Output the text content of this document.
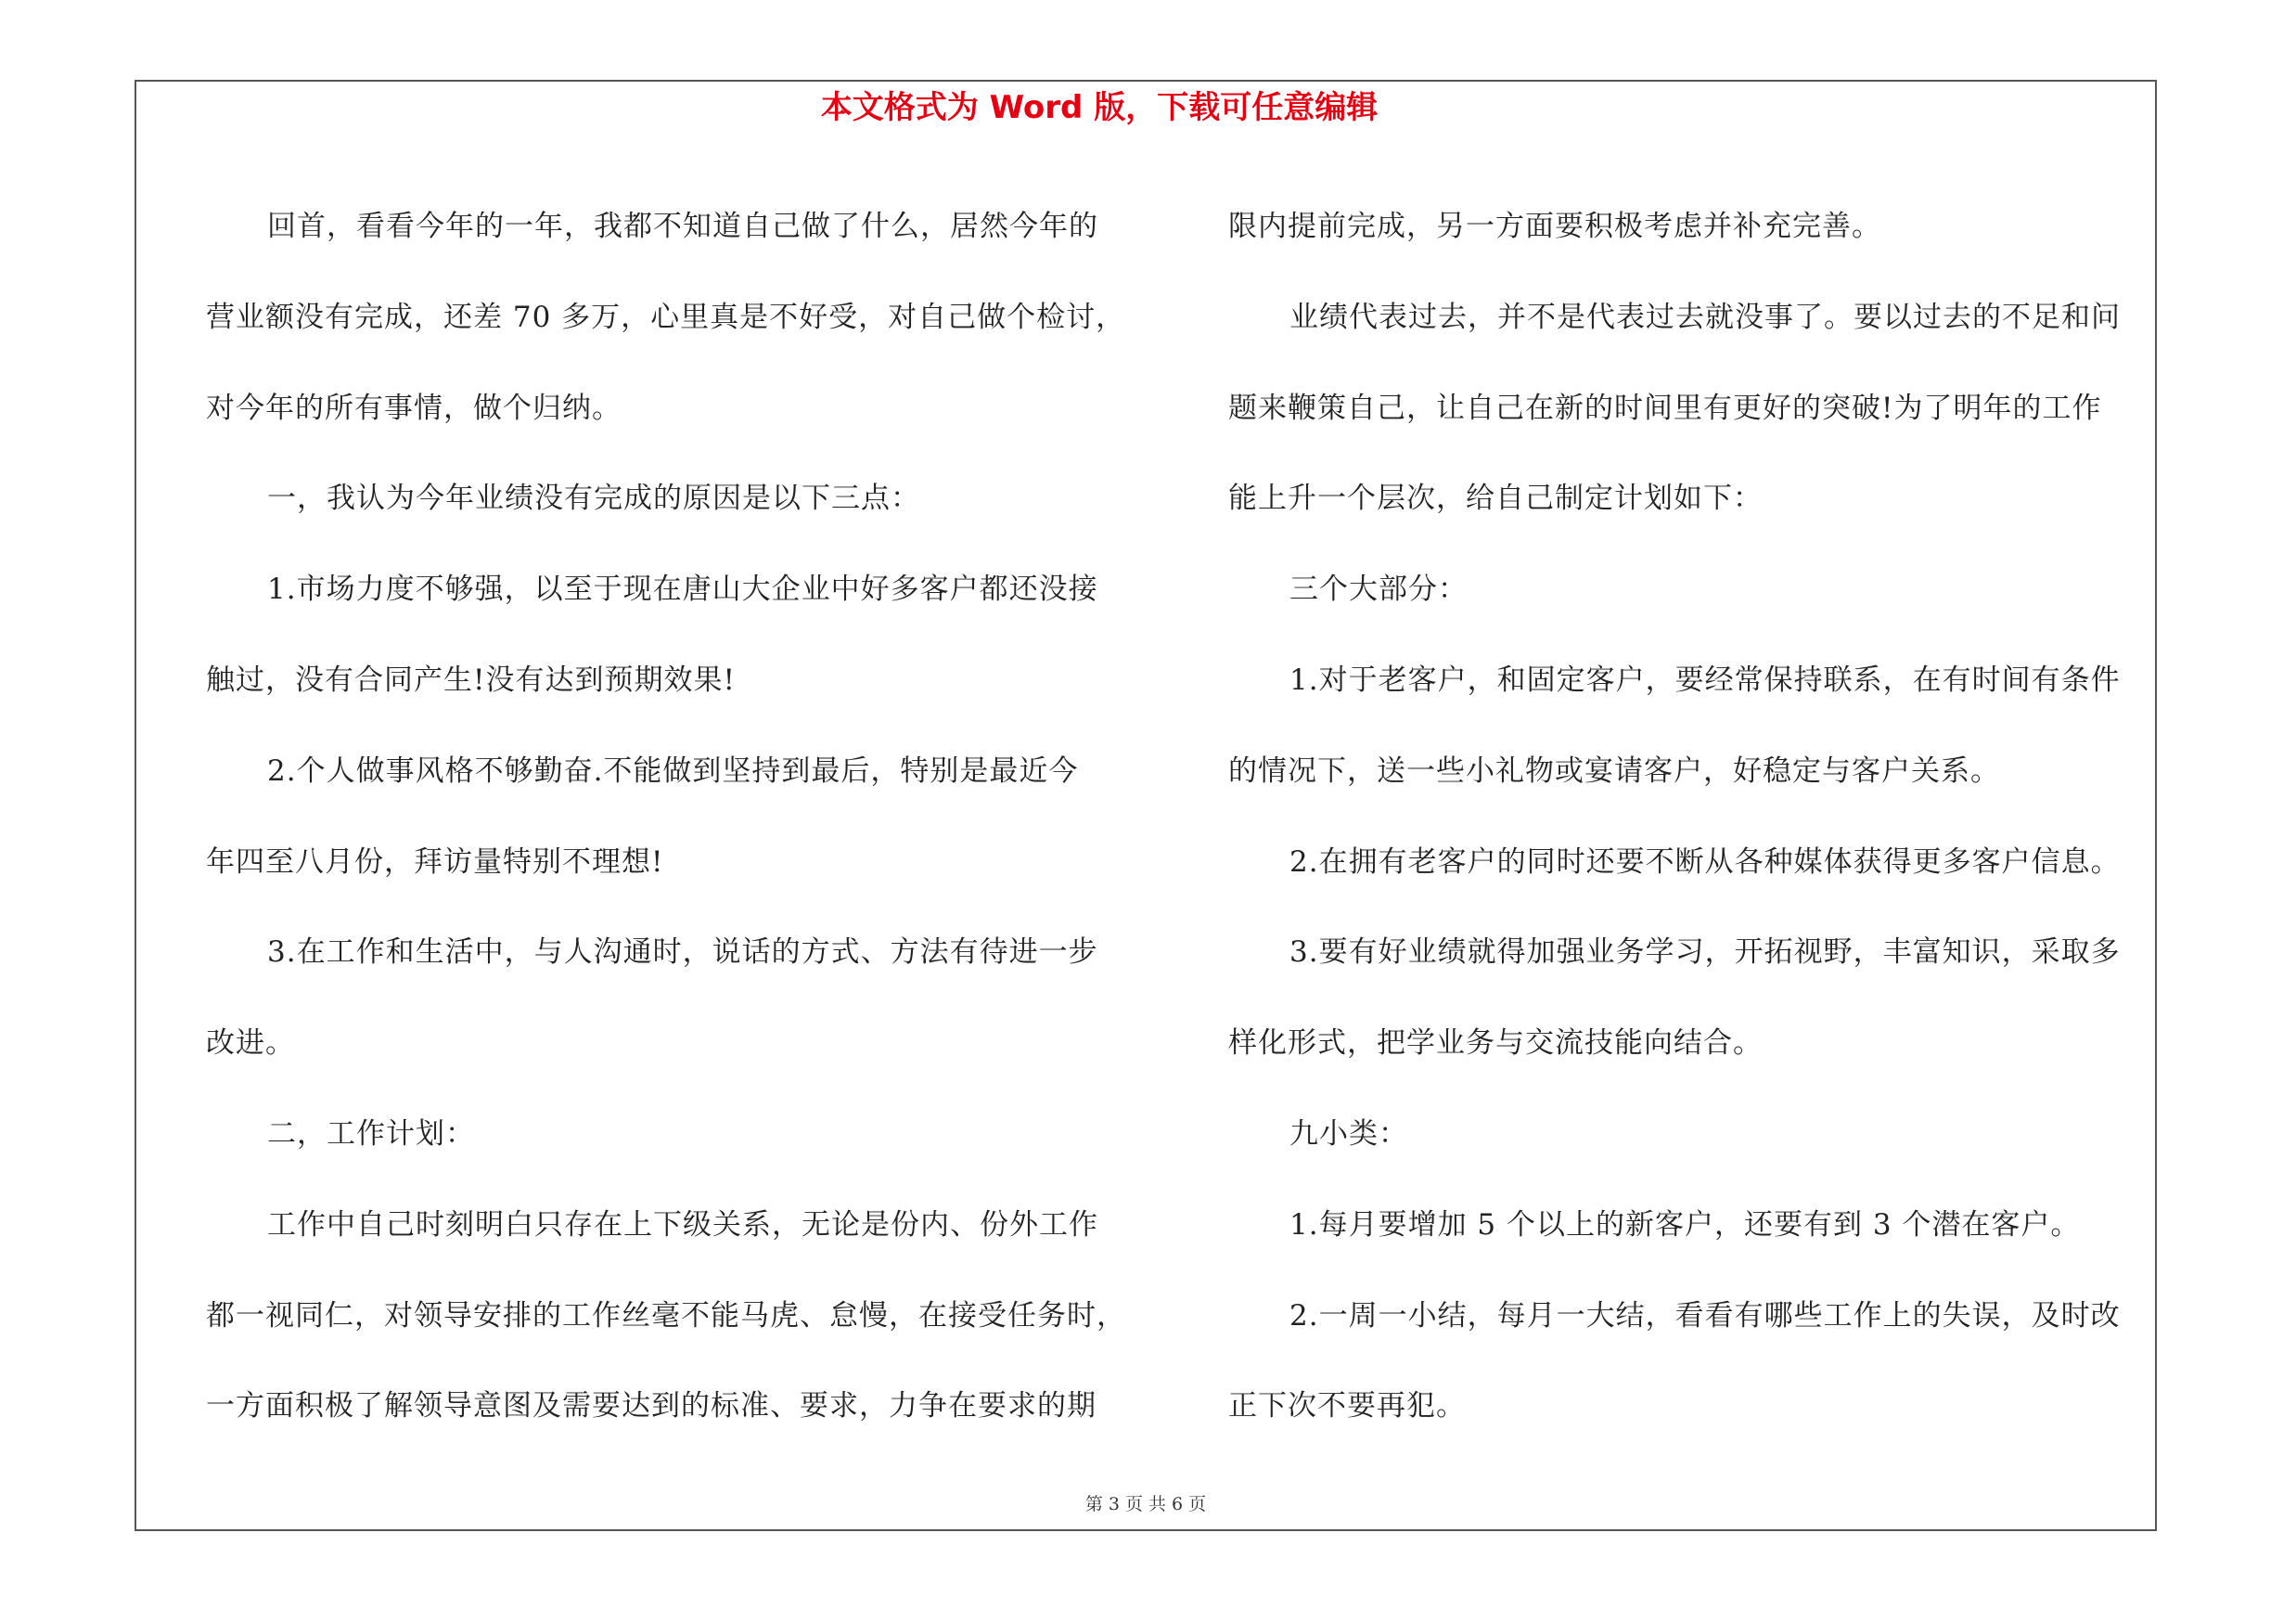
本文格式为 Word 版，下载可任意编辑

回首，看看今年的一年，我都不知道自己做了什么，居然今年的

营业额没有完成，还差 70 多万，心里真是不好受，对自己做个检讨，

对今年的所有事情，做个归纳。

一，我认为今年业绩没有完成的原因是以下三点：

1.市场力度不够强，以至于现在唐山大企业中好多客户都还没接

触过，没有合同产生!没有达到预期效果!

2.个人做事风格不够勤奋.不能做到坚持到最后，特别是最近今

年四至八月份，拜访量特别不理想!

3.在工作和生活中，与人沟通时，说话的方式、方法有待进一步

改进。

二，工作计划：

工作中自己时刻明白只存在上下级关系，无论是份内、份外工作

都一视同仁，对领导安排的工作丝毫不能马虎、怠慢，在接受任务时，

一方面积极了解领导意图及需要达到的标准、要求，力争在要求的期

限内提前完成，另一方面要积极考虑并补充完善。

业绩代表过去，并不是代表过去就没事了。要以过去的不足和问

题来鞭策自己，让自己在新的时间里有更好的突破!为了明年的工作

能上升一个层次，给自己制定计划如下：

三个大部分：

1.对于老客户，和固定客户，要经常保持联系，在有时间有条件

的情况下，送一些小礼物或宴请客户，好稳定与客户关系。

2.在拥有老客户的同时还要不断从各种媒体获得更多客户信息。

3.要有好业绩就得加强业务学习，开拓视野，丰富知识，采取多

样化形式，把学业务与交流技能向结合。

九小类：

1.每月要增加 5 个以上的新客户，还要有到 3 个潜在客户。

2.一周一小结，每月一大结，看看有哪些工作上的失误，及时改

正下次不要再犯。

第 3 页 共 6 页
